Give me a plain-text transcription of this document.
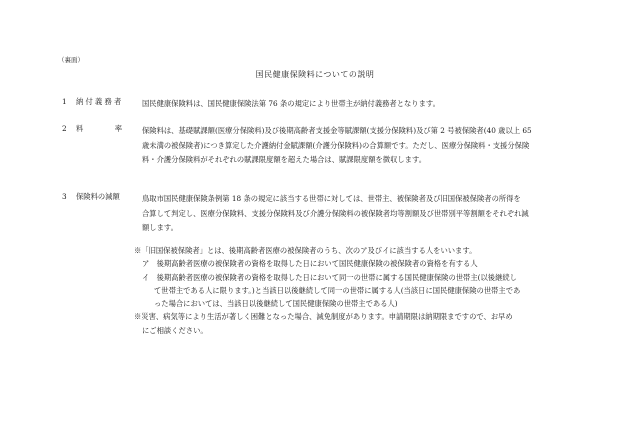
（裏面）
国民健康保険料についての説明
1	納付義務者	国民健康保険料は、国民健康保険法第 76 条の規定により世帯主が納付義務者となります。

2	料	率	保険料は、基礎賦課額(医療分保険料)及び後期高齢者支援金等賦課額(支援分保険料)及び第 2 号被保険者(40 歳以上 65

歳未満の被保険者)につき算定した介護納付金賦課額(介護分保険料)の合算額です。ただし、医療分保険料・支援分保険

料・介護分保険料がそれぞれの賦課限度額を超えた場合は、賦課限度額を徴収します。

3	保険料の減額	鳥取市国民健康保険条例第 18 条の規定に該当する世帯に対しては、世帯主、被保険者及び旧国保被保険者の所得を

合算して判定し、医療分保険料、支援分保険料及び介護分保険料の被保険者均等割額及び世帯別平等割額をそれぞれ減

額します。

※「旧国保被保険者」とは、後期高齢者医療の被保険者のうち、次のア及びイに該当する人をいいます。

ア　後期高齢者医療の被保険者の資格を取得した日において国民健康保険の被保険者の資格を有する人

イ　後期高齢者医療の被保険者の資格を取得した日において同一の世帯に属する国民健康保険の世帯主(以後継続し

て世帯主である人に限ります。)と当該日以後継続して同一の世帯に属する人(当該日に国民健康保険の世帯主であ

った場合においては、当該日以後継続して国民健康保険の世帯主である人)

※災害、病気等により生活が著しく困難となった場合、減免制度があります。申請期限は納期限まですので、お早め

にご相談ください。
